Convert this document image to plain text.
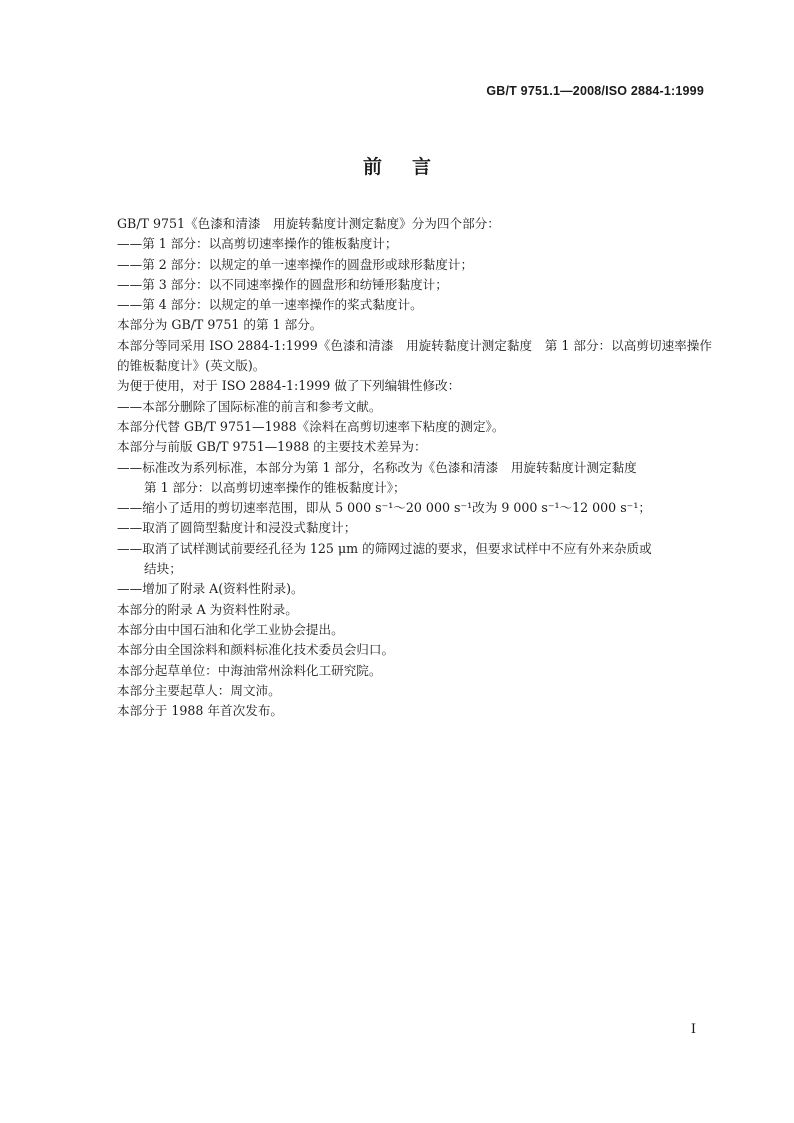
GB/T 9751.1—2008/ISO 2884-1:1999
前言
GB/T 9751《色漆和清漆　用旋转黏度计测定黏度》分为四个部分：
——第 1 部分：以高剪切速率操作的锥板黏度计；
——第 2 部分：以规定的单一速率操作的圆盘形或球形黏度计；
——第 3 部分：以不同速率操作的圆盘形和纺锤形黏度计；
——第 4 部分：以规定的单一速率操作的桨式黏度计。
本部分为 GB/T 9751 的第 1 部分。
本部分等同采用 ISO 2884-1:1999《色漆和清漆　用旋转黏度计测定黏度　第 1 部分：以高剪切速率操作的锥板黏度计》(英文版)。
为便于使用，对于 ISO 2884-1:1999 做了下列编辑性修改：
——本部分删除了国际标准的前言和参考文献。
本部分代替 GB/T 9751—1988《涂料在高剪切速率下粘度的测定》。
本部分与前版 GB/T 9751—1988 的主要技术差异为：
——标准改为系列标准，本部分为第 1 部分，名称改为《色漆和清漆　用旋转黏度计测定黏度
第 1 部分：以高剪切速率操作的锥板黏度计》；
——缩小了适用的剪切速率范围，即从 5 000 s⁻¹～20 000 s⁻¹改为 9 000 s⁻¹～12 000 s⁻¹；
——取消了圆筒型黏度计和浸没式黏度计；
——取消了试样测试前要经孔径为 125 μm 的筛网过滤的要求，但要求试样中不应有外来杂质或
结块；
——增加了附录 A(资料性附录)。
本部分的附录 A 为资料性附录。
本部分由中国石油和化学工业协会提出。
本部分由全国涂料和颜料标准化技术委员会归口。
本部分起草单位：中海油常州涂料化工研究院。
本部分主要起草人：周文沛。
本部分于 1988 年首次发布。
I
